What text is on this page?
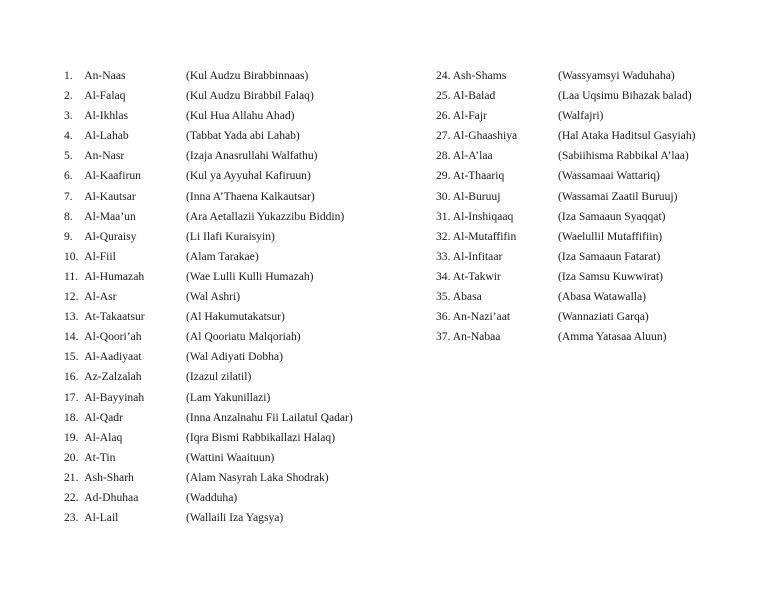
1. An-Naas	(Kul Audzu Birabbinnaas)
2. Al-Falaq	(Kul Audzu Birabbil Falaq)
3. Al-Ikhlas	(Kul Hua Allahu Ahad)
4. Al-Lahab	(Tabbat Yada abi Lahab)
5. An-Nasr	(Izaja Anasrullahi Walfathu)
6. Al-Kaafirun	(Kul ya Ayyuhal Kafiruun)
7. Al-Kautsar	(Inna A’Thaena Kalkautsar)
8. Al-Maa’un	(Ara Aetallazii Yukazzibu Biddin)
9. Al-Quraisy	(Li Ilafi Kuraisyin)
10. Al-Fiil	(Alam Tarakae)
11. Al-Humazah	(Wae Lulli Kulli Humazah)
12. Al-Asr	(Wal Ashri)
13. At-Takaatsur	(Al Hakumutakatsur)
14. Al-Qoori’ah	(Al Qooriatu Malqoriah)
15. Al-Aadiyaat	(Wal Adiyati Dobha)
16. Az-Zalzalah	(Izazul zilatil)
17. Al-Bayyinah	(Lam Yakunillazi)
18. Al-Qadr	(Inna Anzalnahu Fii Lailatul Qadar)
19. Al-Alaq	(Iqra Bismi Rabbikallazi Halaq)
20. At-Tin	(Wattini Waaituun)
21. Ash-Sharh	(Alam Nasyrah Laka Shodrak)
22. Ad-Dhuhaa	(Wadduha)
23. Al-Lail	(Wallaili Iza Yagsya)
24. Ash-Shams	(Wassyamsyi Waduhaha)
25. Al-Balad	(Laa Uqsimu Bihazak balad)
26. Al-Fajr	(Walfajri)
27. Al-Ghaashiya	(Hal Ataka Haditsul Gasyiah)
28. Al-A’laa	(Sabiihisma Rabbikal A’laa)
29. At-Thaariq	(Wassamaai Wattariq)
30. Al-Buruuj	(Wassamai Zaatil Buruuj)
31. Al-Inshiqaaq	(Iza Samaaun Syaqqat)
32. Al-Mutaffifin	(Waelullil Mutaffifiin)
33. Al-Infitaar	(Iza Samaaun Fatarat)
34. At-Takwir	(Iza Samsu Kuwwirat)
35. Abasa	(Abasa Watawalla)
36. An-Nazi’aat	(Wannaziati Garqa)
37. An-Nabaa	(Amma Yatasaa Aluun)
